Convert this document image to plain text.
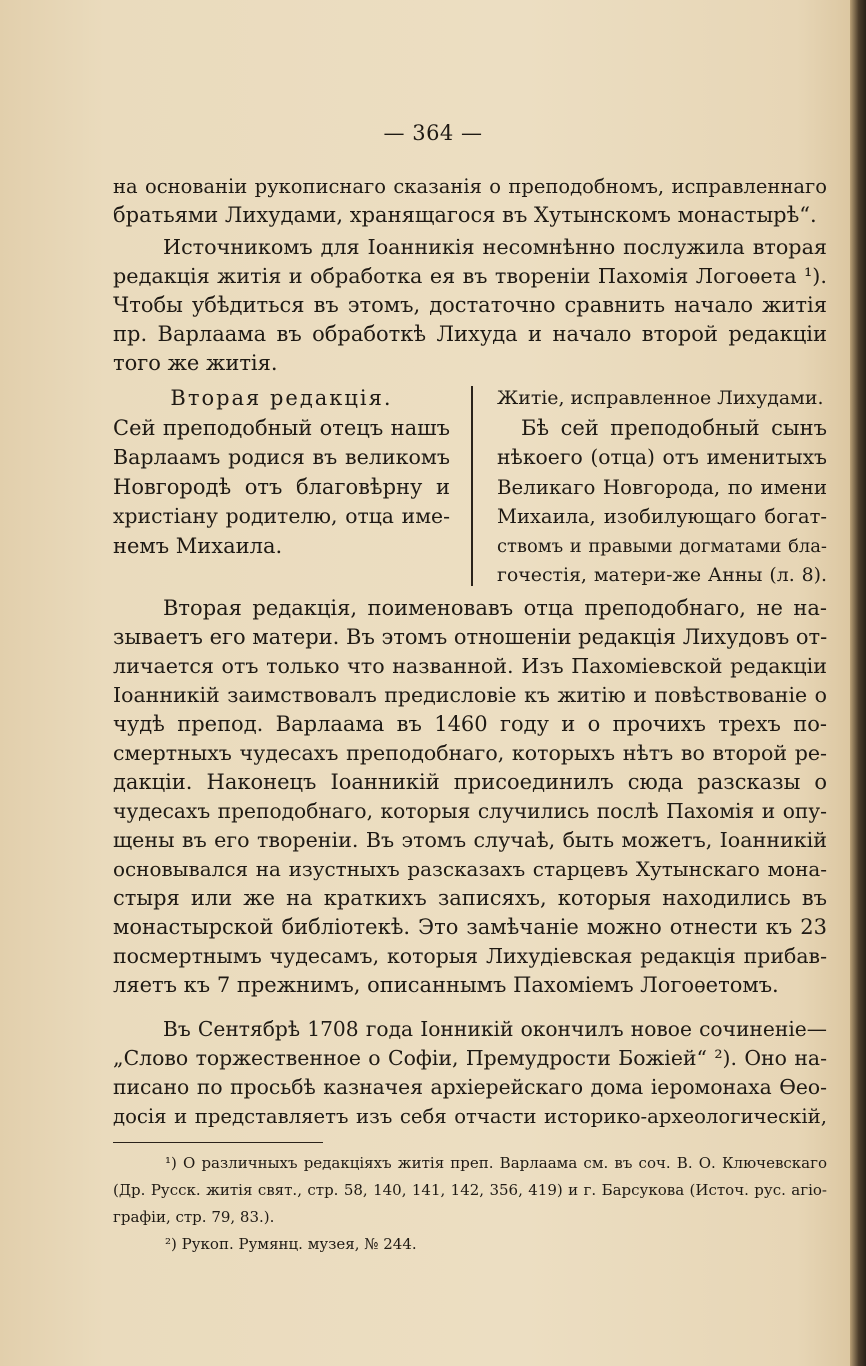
— 364 —
на основаніи рукописнаго сказанія о преподобномъ, исправленнаго
братьями Лихудами, хранящагося въ Хутынскомъ монастырѣ“.
Источникомъ для Іоанникія несомнѣнно послужила вторая
редакція житія и обработка ея въ твореніи Пахомія Логоѳета ¹).
Чтобы убѣдиться въ этомъ, достаточно сравнить начало житія
пр. Варлаама въ обработкѣ Лихуда и начало второй редакціи
того же житія.
Вторая редакція.
Сей преподобный отецъ нашъ
Варлаамъ родися въ великомъ
Новгородѣ отъ благовѣрну и
христіану родителю, отца име-
немъ Михаила.
Житіе, исправленное Лихудами.
Бѣ сей преподобный сынъ
нѣкоего (отца) отъ именитыхъ
Великаго Новгорода, по имени
Михаила, изобилующаго богат-
ствомъ и правыми догматами бла-
гочестія, матери-же Анны (л. 8).
Вторая редакція, поименовавъ отца преподобнаго, не на-
зываетъ его матери. Въ этомъ отношеніи редакція Лихудовъ от-
личается отъ только что названной. Изъ Пахоміевской редакціи
Іоанникій заимствовалъ предисловіе къ житію и повѣствованіе о
чудѣ препод. Варлаама въ 1460 году и о прочихъ трехъ по-
смертныхъ чудесахъ преподобнаго, которыхъ нѣтъ во второй ре-
дакціи. Наконецъ Іоанникій присоединилъ сюда разсказы о
чудесахъ преподобнаго, которыя случились послѣ Пахомія и опу-
щены въ его твореніи. Въ этомъ случаѣ, быть можетъ, Іоанникій
основывался на изустныхъ разсказахъ старцевъ Хутынскаго мона-
стыря или же на краткихъ записяхъ, которыя находились въ
монастырской библіотекѣ. Это замѣчаніе можно отнести къ 23
посмертнымъ чудесамъ, которыя Лихудіевская редакція прибав-
ляетъ къ 7 прежнимъ, описаннымъ Пахоміемъ Логоѳетомъ.
Въ Сентябрѣ 1708 года Іонникій окончилъ новое сочиненіе—
„Слово торжественное о Софіи, Премудрости Божіей“ ²). Оно на-
писано по просьбѣ казначея архіерейскаго дома іеромонаха Ѳео-
досія и представляетъ изъ себя отчасти историко-археологическій,
¹) О различныхъ редакціяхъ житія преп. Варлаама см. въ соч. В. О. Ключевскаго
(Др. Русск. житія свят., стр. 58, 140, 141, 142, 356, 419) и г. Барсукова (Источ. рус. агіо-
графіи, стр. 79, 83.).
²) Рукоп. Румянц. музея, № 244.
